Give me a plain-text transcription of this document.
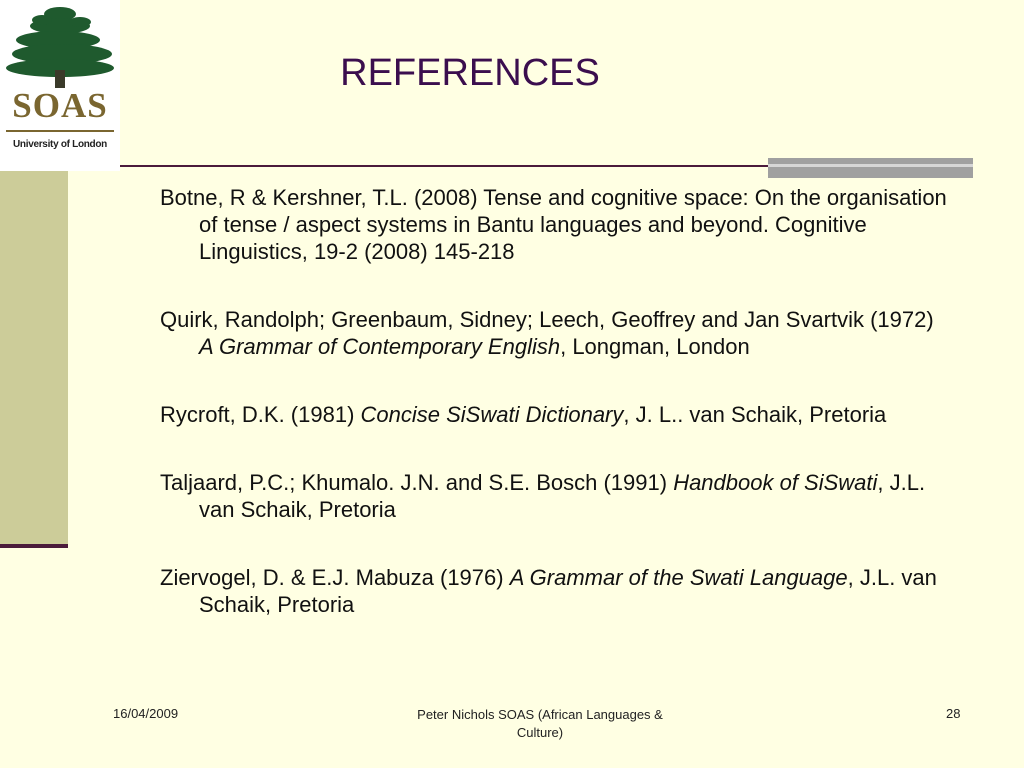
SOAS
University of London
REFERENCES

Botne, R & Kershner, T.L. (2008) Tense and cognitive space: On the organisation of tense / aspect systems in Bantu languages and beyond. Cognitive Linguistics, 19-2 (2008) 145-218

Quirk, Randolph; Greenbaum, Sidney; Leech, Geoffrey and Jan Svartvik (1972) A Grammar of Contemporary English, Longman, London

Rycroft, D.K. (1981) Concise SiSwati Dictionary, J. L.. van Schaik, Pretoria

Taljaard, P.C.; Khumalo. J.N. and S.E. Bosch (1991) Handbook of SiSwati, J.L. van Schaik, Pretoria

Ziervogel, D. & E.J. Mabuza (1976) A Grammar of the Swati Language, J.L. van Schaik, Pretoria

16/04/2009	Peter Nichols SOAS (African Languages &
Culture)
28
